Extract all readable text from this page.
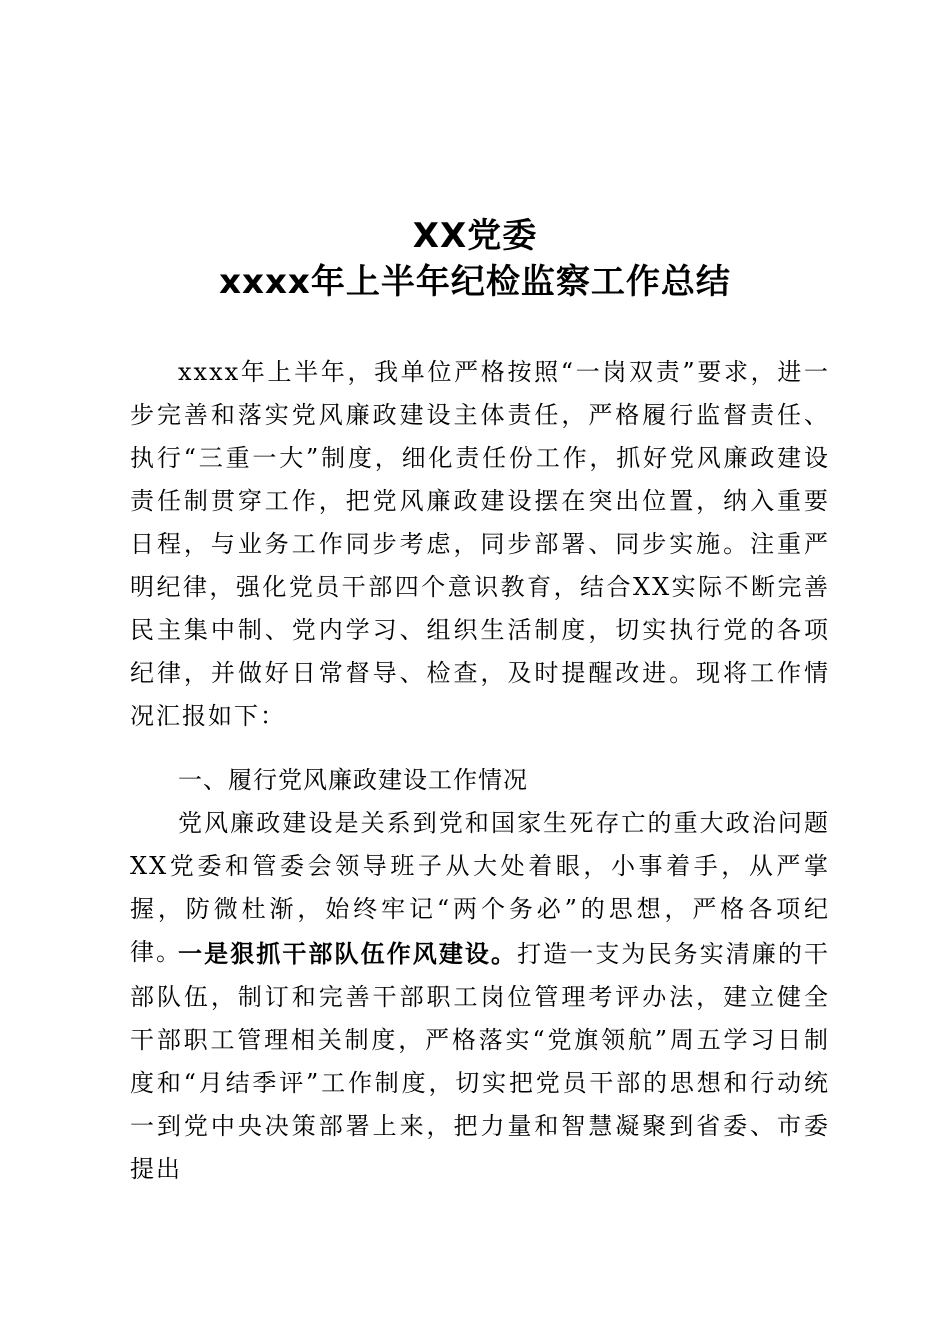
XX党委
xxxx年上半年纪检监察工作总结
xxxx年上半年，我单位严格按照“一岗双责”要求，进一步完善和落实党风廉政建设主体责任，严格履行监督责任、执行“三重一大”制度，细化责任份工作，抓好党风廉政建设责任制贯穿工作，把党风廉政建设摆在突出位置，纳入重要日程，与业务工作同步考虑，同步部署、同步实施。注重严明纪律，强化党员干部四个意识教育，结合XX实际不断完善民主集中制、党内学习、组织生活制度，切实执行党的各项纪律，并做好日常督导、检查，及时提醒改进。现将工作情况汇报如下：
一、履行党风廉政建设工作情况
党风廉政建设是关系到党和国家生死存亡的重大政治问题XX党委和管委会领导班子从大处着眼，小事着手，从严掌握，防微杜渐，始终牢记“两个务必”的思想，严格各项纪律。
一是狠抓干部队伍作风建设。打造一支为民务实清廉的干部队伍，制订和完善干部职工岗位管理考评办法，建立健全干部职工管理相关制度，严格落实“党旗领航”周五学习日制度和“月结季评”工作制度，切实把党员干部的思想和行动统一到党中央决策部署上来，把力量和智慧凝聚到省委、市委提出
